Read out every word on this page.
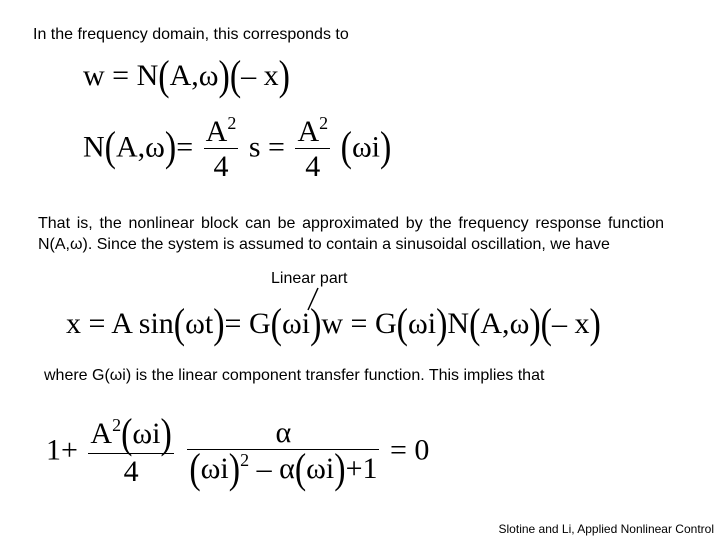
In the frequency domain, this corresponds to
w = N(A,ω)(– x)
$N(A,\omega)= \frac{A^2}{4}$ $s = \frac{A^2}{4} (\omega i)$
That is, the nonlinear block can be approximated by the frequency response function N(A,ω). Since the system is assumed to contain a sinusoidal oscillation, we have
Linear part
x = A sin(ωt)= G(ωi)w = G(ωi)N(A,ω)(– x)
where G(ωi) is the linear component transfer function. This implies that
$1+ \frac{A^2(\omega i)}{4}$
$\frac{\alpha}{(\omega i)^2 - \alpha(\omega i)+1} = 0$
Slotine and Li, Applied Nonlinear Control
